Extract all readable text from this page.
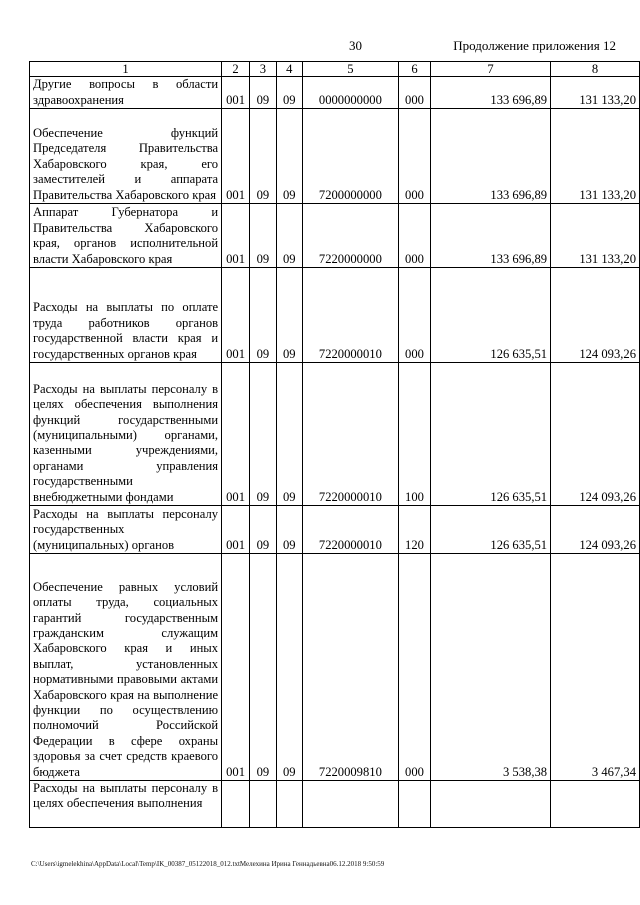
30	Продолжение приложения 12
1	2	3	4	5	6	7	8
Другие вопросы в области здравоохранения	001	09	09	0000000000	000	133 696,89	131 133,20
Обеспечение функций Председателя Правительства Хабаровского края, его заместителей и аппарата Правительства Хабаровского края	001	09	09	7200000000	000	133 696,89	131 133,20
Аппарат Губернатора и Правительства Хабаровского края, органов исполнительной власти Хабаровского края	001	09	09	7220000000	000	133 696,89	131 133,20
Расходы на выплаты по оплате труда работников органов государственной власти края и государственных органов края	001	09	09	7220000010	000	126 635,51	124 093,26
Расходы на выплаты персоналу в целях обеспечения выполнения функций государственными (муниципальными) органами, казенными учреждениями, органами управления государственными внебюджетными фондами	001	09	09	7220000010	100	126 635,51	124 093,26
Расходы на выплаты персоналу государственных (муниципальных) органов	001	09	09	7220000010	120	126 635,51	124 093,26
Обеспечение равных условий оплаты труда, социальных гарантий государственным гражданским служащим Хабаровского края и иных выплат, установленных нормативными правовыми актами Хабаровского края на выполнение функции по осуществлению полномочий Российской Федерации в сфере охраны здоровья за счет средств краевого бюджета	001	09	09	7220009810	000	3 538,38	3 467,34
Расходы на выплаты персоналу в целях обеспечения выполнения							
C:\Users\igmelekhina\AppData\Local\Temp\IK_00387_05122018_012.txtМелехина Ирина Геннадьевна06.12.2018 9:50:59
